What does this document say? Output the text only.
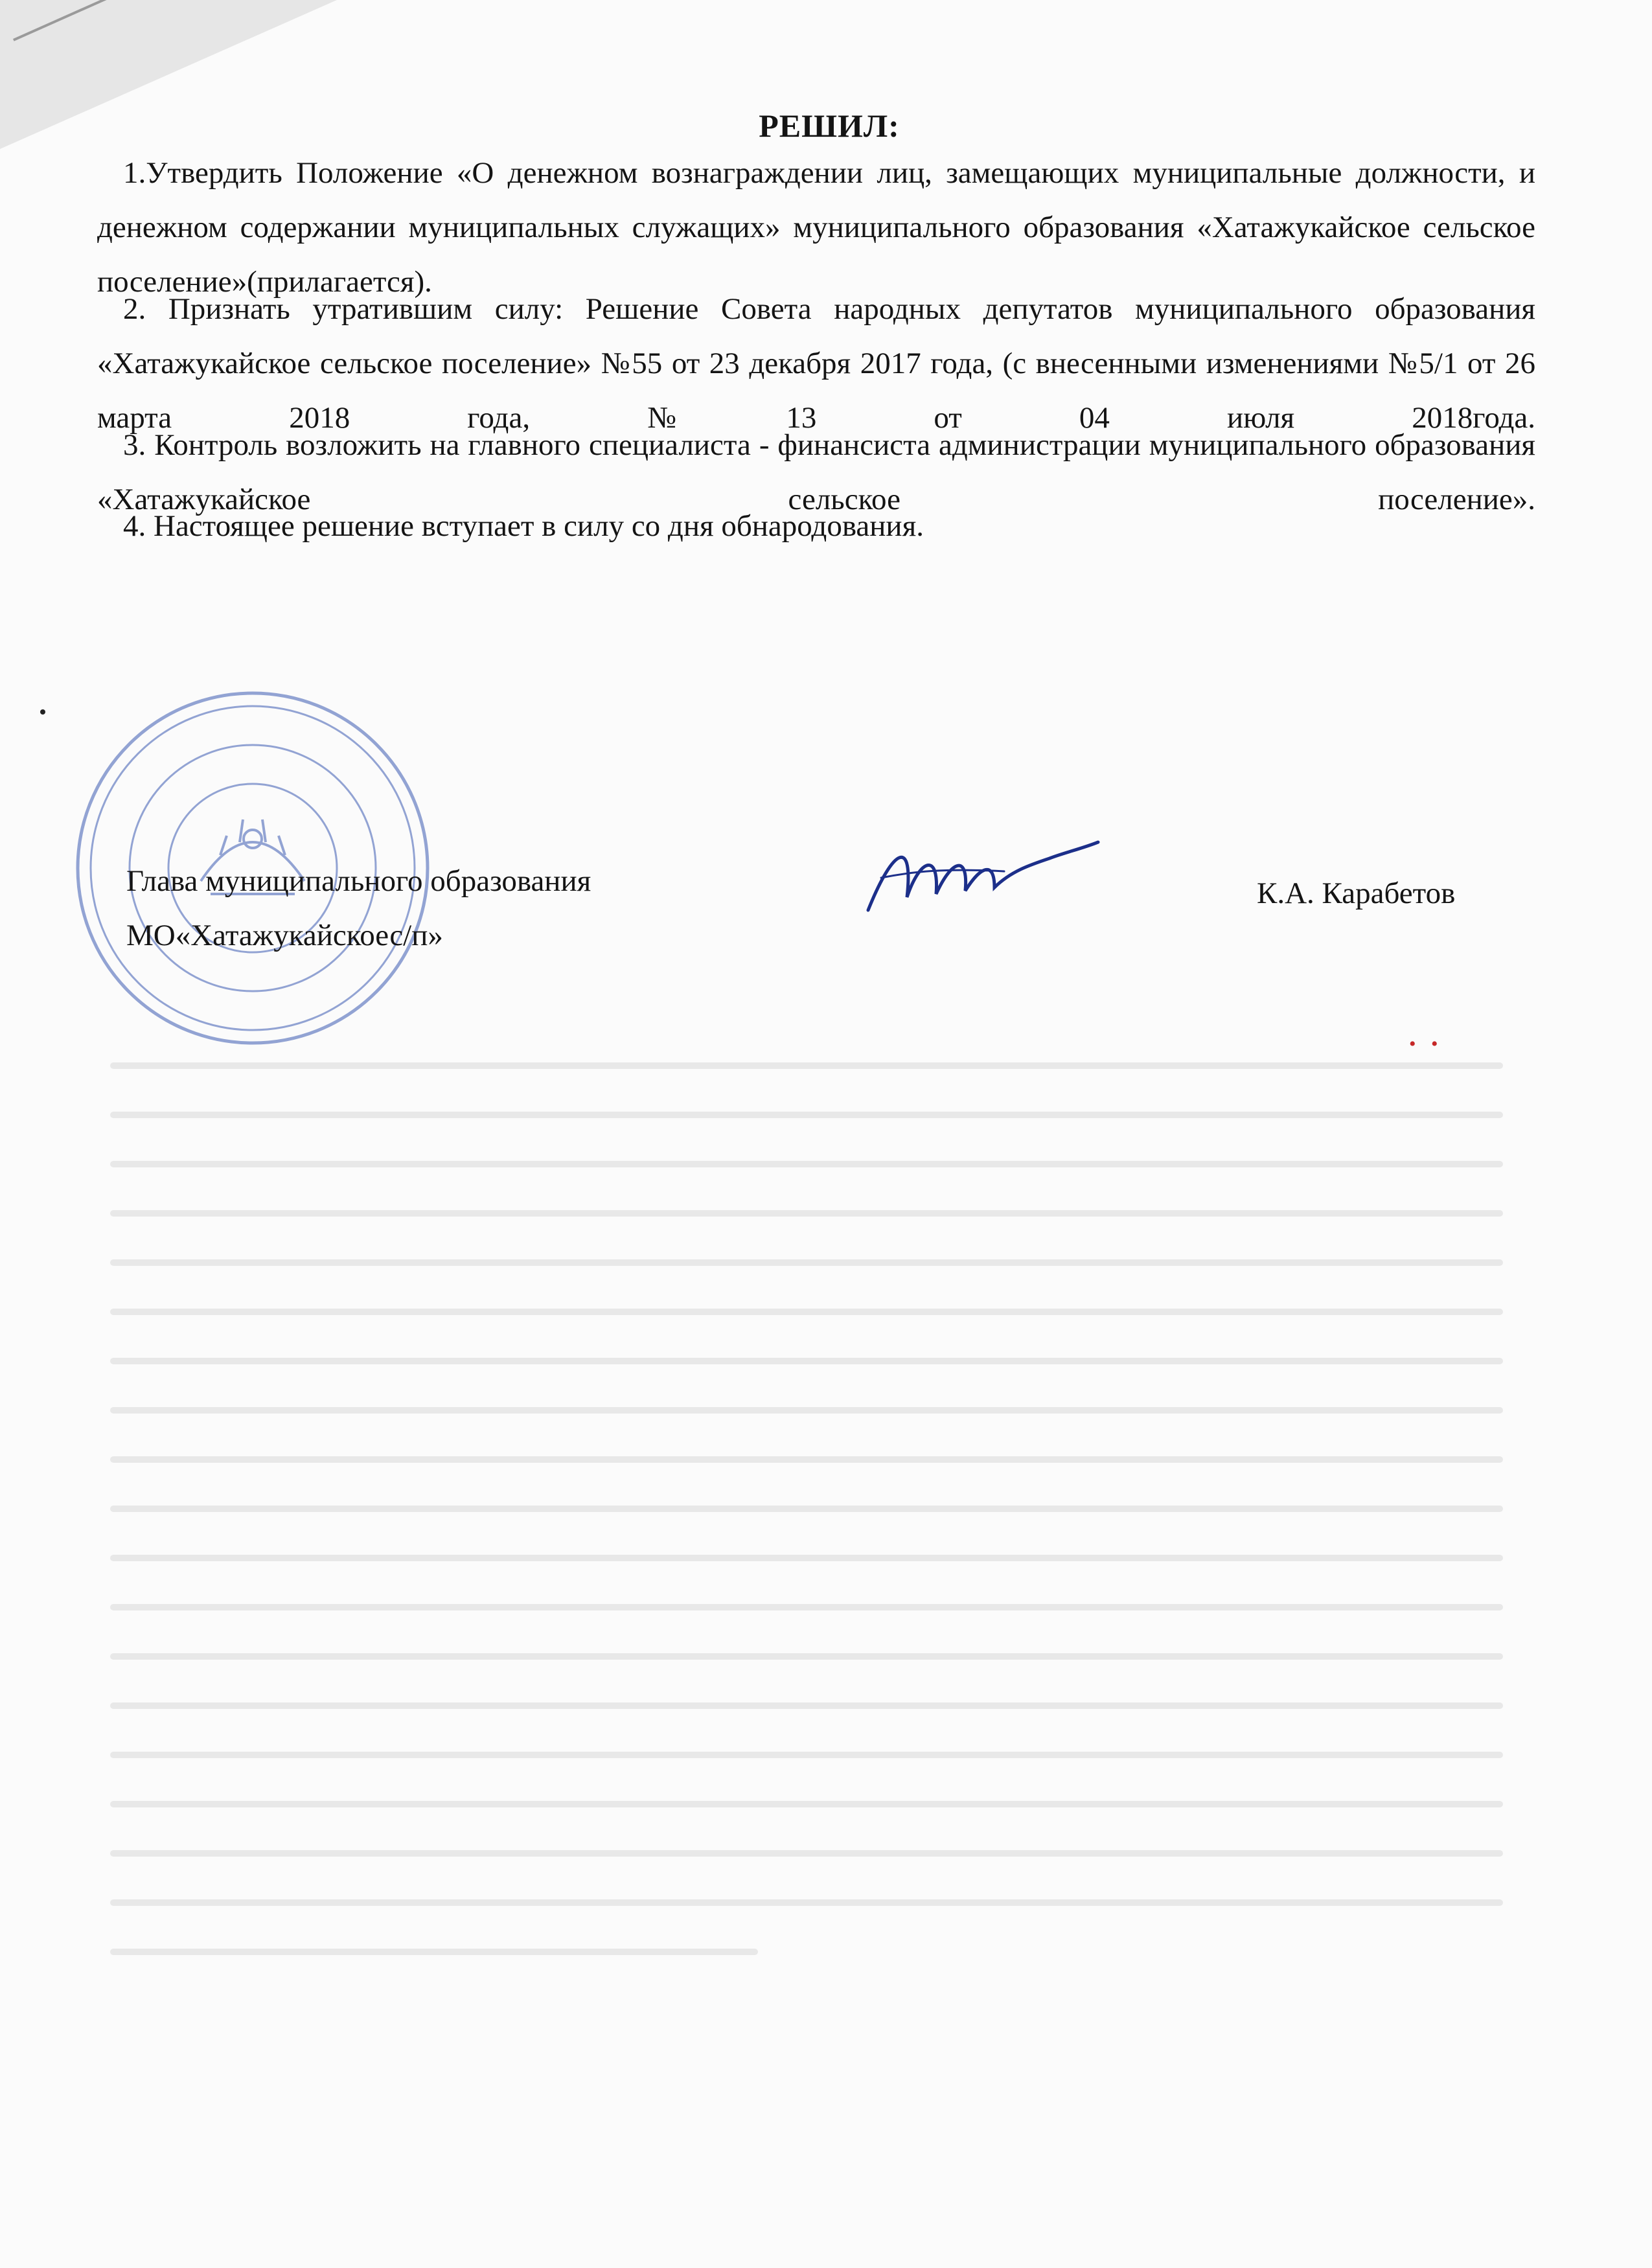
• •
РЕШИЛ:
1.Утвердить Положение «О денежном вознаграждении лиц, замещающих муниципальные должности, и денежном содержании муниципальных служащих» муниципального образования «Хатажукайское сельское поселение»(прилагается).
2. Признать утратившим силу: Решение Совета народных депутатов муниципального образования «Хатажукайское сельское поселение» №55 от 23 декабря 2017 года, (с внесенными изменениями №5/1 от 26 марта 2018 года, №13 от 04 июля 2018года.
3. Контроль возложить на главного специалиста - финансиста администрации муниципального образования «Хатажукайское сельское поселение».
4. Настоящее решение вступает в силу со дня обнародования.
Глава муниципального образования
МО«Хатажукайскоес/п»
К.А. Карабетов
